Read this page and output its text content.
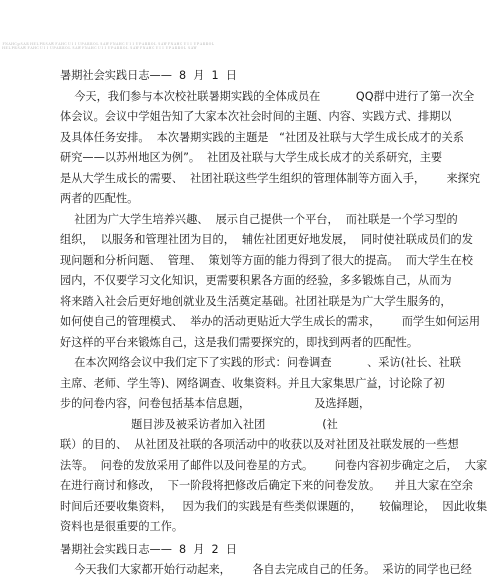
ＦＮＡＨＣｐＳＡＲ ＨＥＬＰＲＳＡＷ ＦＡＨＣ ＵＩＩ ＵＰＡＲＲＯＬ ＳＡＷ ＦＮＡＨＣ ＵＩＩ ＵＰＡＲＲＯＬ ＳＡＷ ＦＮＡＨＣ ＵＩＩ ＵＰＡＲＲＯＬ
ＨＥＬＰＲＳＡＷ ＦＡＨＣ ＵＩＩ ＵＰＡＲＲＯＬ ＳＡＷ ＦＮＡＨＣ ＵＩＩ ＵＰＡＲＲＯＬ ＳＡＷ ＦＮＡＨＣ ＵＩＩ ＵＰＡＲＲＯＬ ＳＡＷ

暑期社会实践日志——  8  月  1  日

今天，我们参与本次校社联暑期实践的全体成员在          QQ群中进行了第一次全

体会议。会议中学姐告知了大家本次社会时间的主题、内容、实践方式、排期以

及具体任务安排。  本次暑期实践的主题是   “社团及社联与大学生成长成才的关系

研究——以苏州地区为例”。  社团及社联与大学生成长成才的关系研究，主要

是从大学生成长的需要、  社团社联这些学生组织的管理体制等方面入手，      来探究

两者的匹配性。

社团为广大学生培养兴趣、  展示自己提供一个平台，  而社联是一个学习型的

组织，  以服务和管理社团为目的，  辅佐社团更好地发展，  同时使社联成员们的发

现问题和分析问题、  管理、  策划等方面的能力得到了很大的提高。  而大学生在校

园内，不仅要学习文化知识，更需要积累各方面的经验，多多锻炼自己，从而为

将来踏入社会后更好地创就业及生活奠定基础。社团社联是为广大学生服务的，

如何使自己的管理模式、  举办的活动更贴近大学生成长的需求，      而学生如何运用

好这样的平台来锻炼自己，这是我们需要探究的，即找到两者的匹配性。

在本次网络会议中我们定下了实践的形式：问卷调查          、采访(社长、社联

主席、老师、学生等)、网络调查、收集资料。并且大家集思广益，讨论除了初

步的问卷内容，问卷包括基本信息题，                  及选择题，

题目涉及被采访者加入社团                (社

联）的目的、  从社团及社联的各项活动中的收获以及对社团及社联发展的一些想

法等。  问卷的发放采用了邮件以及问卷星的方式。      问卷内容初步确定之后，  大家

在进行商讨和修改，  下一阶段将把修改后确定下来的问卷发放。    并且大家在空余

时间后还要收集资料，   因为我们的实践是有些类似课题的，     较偏理论，  因此收集

资料也是很重要的工作。

暑期社会实践日志——  8  月  2  日

今天我们大家都开始行动起来，      各自去完成自己的任务。  采访的同学也已经
